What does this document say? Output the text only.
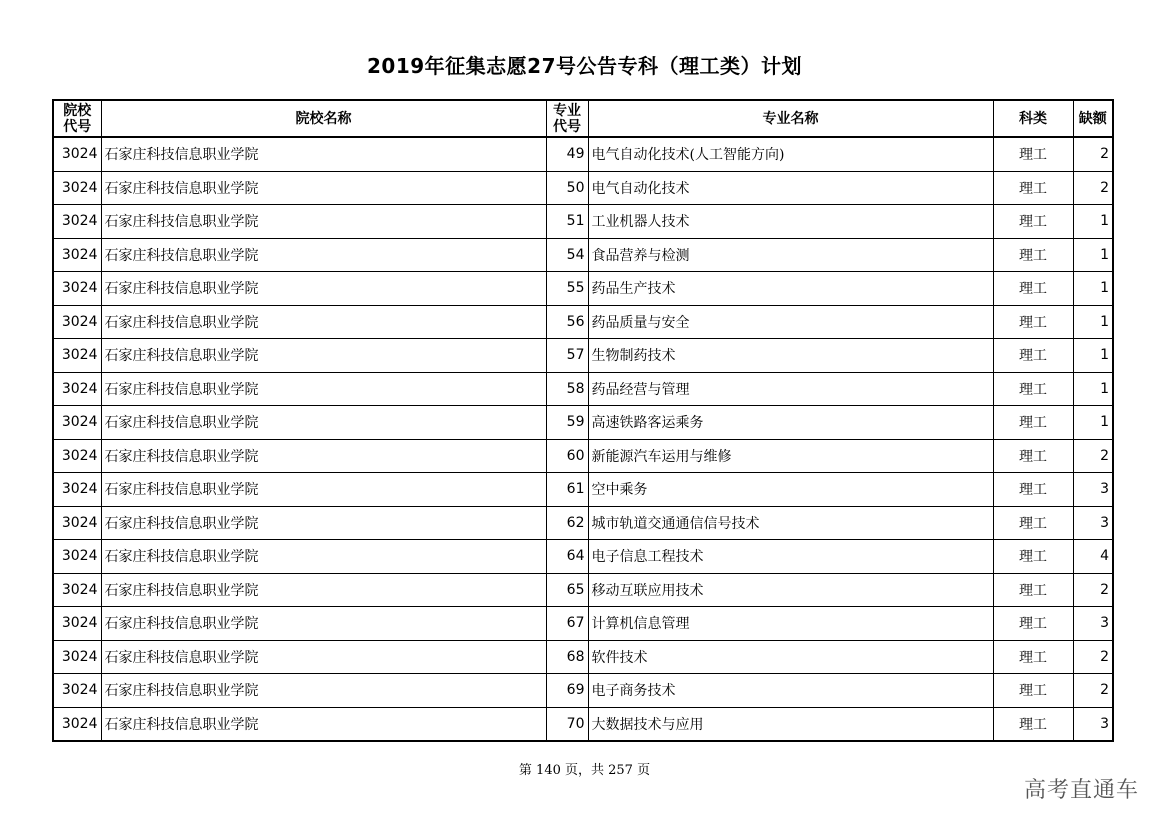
2019年征集志愿27号公告专科（理工类）计划
院校代号	院校名称	专业代号	专业名称	科类	缺额
3024	石家庄科技信息职业学院	49	电气自动化技术(人工智能方向)	理工	2
3024	石家庄科技信息职业学院	50	电气自动化技术	理工	2
3024	石家庄科技信息职业学院	51	工业机器人技术	理工	1
3024	石家庄科技信息职业学院	54	食品营养与检测	理工	1
3024	石家庄科技信息职业学院	55	药品生产技术	理工	1
3024	石家庄科技信息职业学院	56	药品质量与安全	理工	1
3024	石家庄科技信息职业学院	57	生物制药技术	理工	1
3024	石家庄科技信息职业学院	58	药品经营与管理	理工	1
3024	石家庄科技信息职业学院	59	高速铁路客运乘务	理工	1
3024	石家庄科技信息职业学院	60	新能源汽车运用与维修	理工	2
3024	石家庄科技信息职业学院	61	空中乘务	理工	3
3024	石家庄科技信息职业学院	62	城市轨道交通通信信号技术	理工	3
3024	石家庄科技信息职业学院	64	电子信息工程技术	理工	4
3024	石家庄科技信息职业学院	65	移动互联应用技术	理工	2
3024	石家庄科技信息职业学院	67	计算机信息管理	理工	3
3024	石家庄科技信息职业学院	68	软件技术	理工	2
3024	石家庄科技信息职业学院	69	电子商务技术	理工	2
3024	石家庄科技信息职业学院	70	大数据技术与应用	理工	3
第 140 页，共 257 页
高考直通车
